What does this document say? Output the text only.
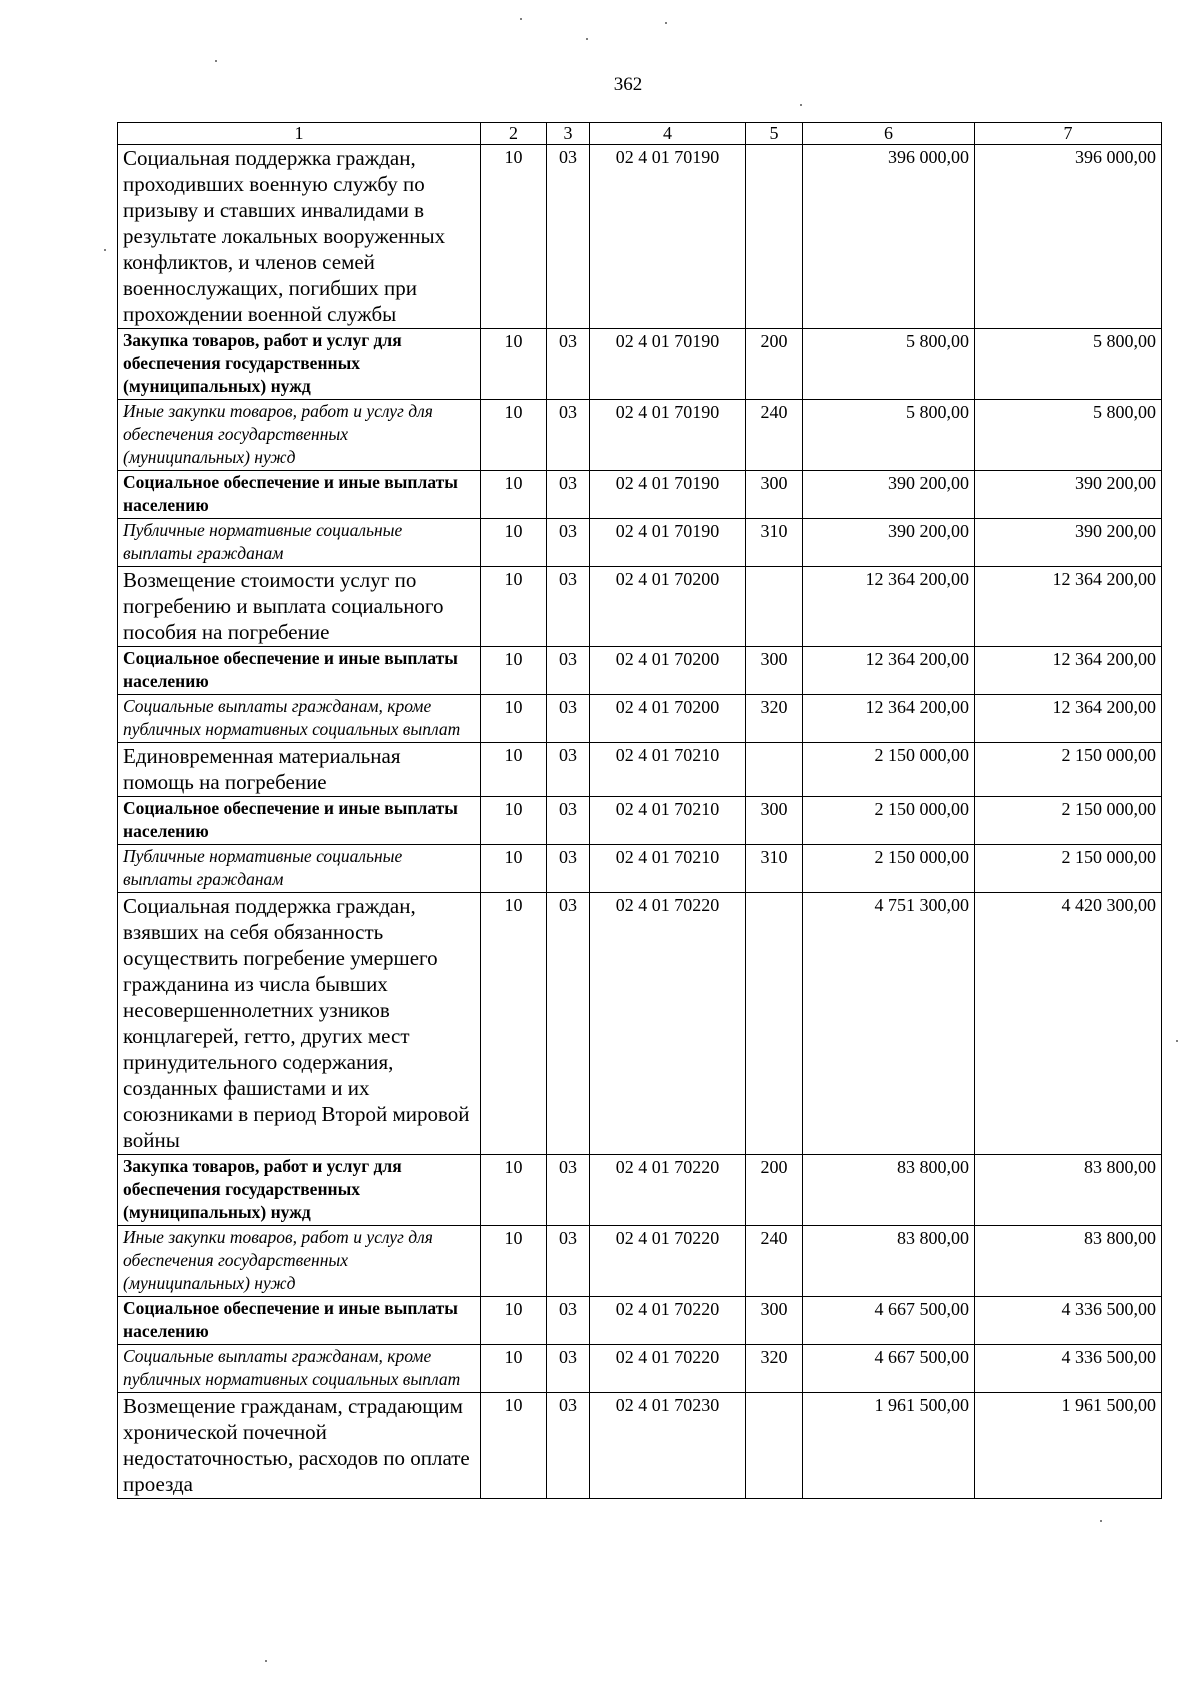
362
1	2	3	4	5	6	7
Социальная поддержка граждан, проходивших военную службу по призыву и ставших инвалидами в результате локальных вооруженных конфликтов, и членов семей военнослужащих, погибших при прохождении военной службы	10	03	02 4 01 70190		396 000,00	396 000,00
Закупка товаров, работ и услуг для обеспечения государственных (муниципальных) нужд	10	03	02 4 01 70190	200	5 800,00	5 800,00
Иные закупки товаров, работ и услуг для обеспечения государственных (муниципальных) нужд	10	03	02 4 01 70190	240	5 800,00	5 800,00
Социальное обеспечение и иные выплаты населению	10	03	02 4 01 70190	300	390 200,00	390 200,00
Публичные нормативные социальные выплаты гражданам	10	03	02 4 01 70190	310	390 200,00	390 200,00
Возмещение стоимости услуг по погребению и выплата социального пособия на погребение	10	03	02 4 01 70200		12 364 200,00	12 364 200,00
Социальное обеспечение и иные выплаты населению	10	03	02 4 01 70200	300	12 364 200,00	12 364 200,00
Социальные выплаты гражданам, кроме публичных нормативных социальных выплат	10	03	02 4 01 70200	320	12 364 200,00	12 364 200,00
Единовременная материальная помощь на погребение	10	03	02 4 01 70210		2 150 000,00	2 150 000,00
Социальное обеспечение и иные выплаты населению	10	03	02 4 01 70210	300	2 150 000,00	2 150 000,00
Публичные нормативные социальные выплаты гражданам	10	03	02 4 01 70210	310	2 150 000,00	2 150 000,00
Социальная поддержка граждан, взявших на себя обязанность осуществить погребение умершего гражданина из числа бывших несовершеннолетних узников концлагерей, гетто, других мест принудительного содержания, созданных фашистами и их союзниками в период Второй мировой войны	10	03	02 4 01 70220		4 751 300,00	4 420 300,00
Закупка товаров, работ и услуг для обеспечения государственных (муниципальных) нужд	10	03	02 4 01 70220	200	83 800,00	83 800,00
Иные закупки товаров, работ и услуг для обеспечения государственных (муниципальных) нужд	10	03	02 4 01 70220	240	83 800,00	83 800,00
Социальное обеспечение и иные выплаты населению	10	03	02 4 01 70220	300	4 667 500,00	4 336 500,00
Социальные выплаты гражданам, кроме публичных нормативных социальных выплат	10	03	02 4 01 70220	320	4 667 500,00	4 336 500,00
Возмещение гражданам, страдающим хронической почечной недостаточностью, расходов по оплате проезда	10	03	02 4 01 70230		1 961 500,00	1 961 500,00
